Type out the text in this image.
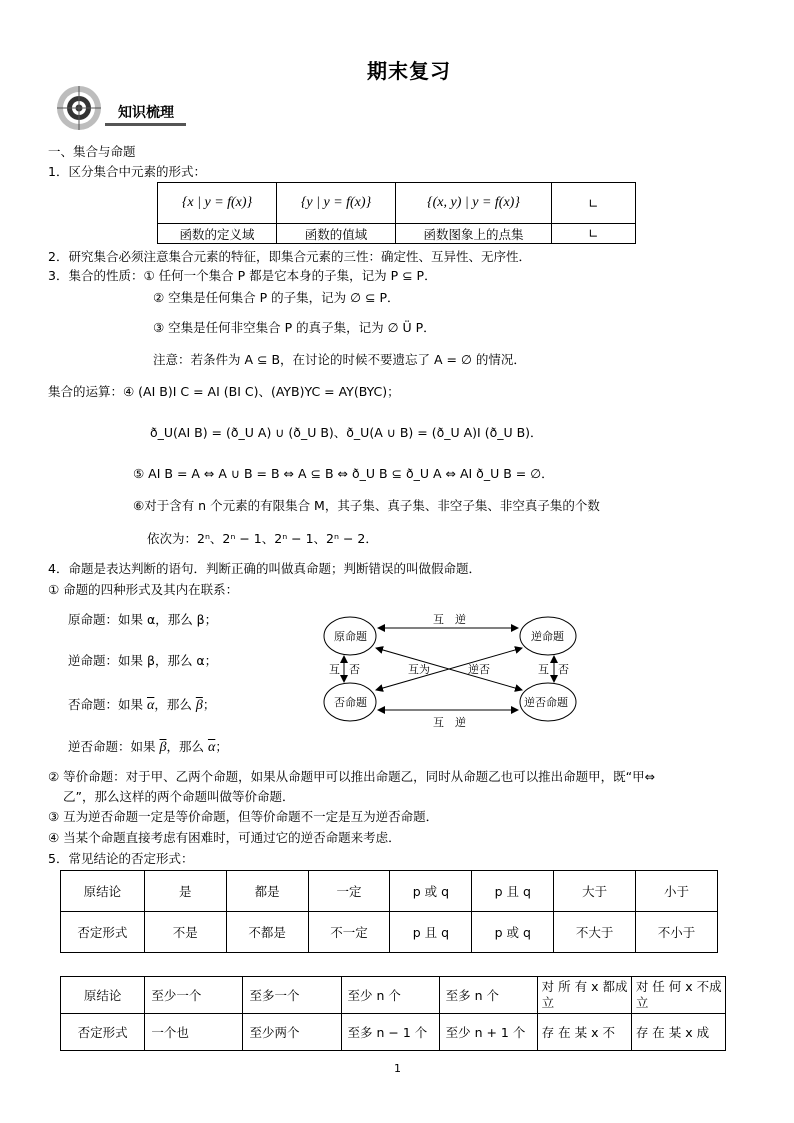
期末复习
知识梳理
一、集合与命题
1．区分集合中元素的形式：
{x | y = f(x)}	{y | y = f(x)}	{(x, y) | y = f(x)}	∟
函数的定义域	函数的值域	函数图象上的点集	∟
2．研究集合必须注意集合元素的特征，即集合元素的三性：确定性、互异性、无序性．
3．集合的性质：① 任何一个集合 P 都是它本身的子集，记为 P ⊆ P．
② 空集是任何集合 P 的子集，记为 ∅ ⊆ P．
③ 空集是任何非空集合 P 的真子集，记为 ∅ Ü P．
注意：若条件为 A ⊆ B，在讨论的时候不要遗忘了 A = ∅ 的情况．
集合的运算：④ (AI B)I C = AI (BI C)、(AYB)YC = AY(BYC)；
ð_U(AI B) = (ð_U A) ∪ (ð_U B)、ð_U(A ∪ B) = (ð_U A)I (ð_U B)．
⑤ AI B = A ⇔ A ∪ B = B ⇔ A ⊆ B ⇔ ð_U B ⊆ ð_U A ⇔ AI ð_U B = ∅．
⑥对于含有 n 个元素的有限集合 M，其子集、真子集、非空子集、非空真子集的个数
依次为：2ⁿ、2ⁿ − 1、2ⁿ − 1、2ⁿ − 2．
4．命题是表达判断的语句．判断正确的叫做真命题；判断错误的叫做假命题．
① 命题的四种形式及其内在联系：
原命题：如果 α，那么 β；
逆命题：如果 β，那么 α；
否命题：如果 $\overline{\alpha}$，那么 $\overline{\beta}$；
逆否命题：如果 $\overline{\beta}$，那么 $\overline{\alpha}$；
原命题	逆命题
否命题	逆否命题
互　逆
互　逆
互 否	互 否
互为	逆否
② 等价命题：对于甲、乙两个命题，如果从命题甲可以推出命题乙，同时从命题乙也可以推出命题甲，既“甲⇔
乙”，那么这样的两个命题叫做等价命题．
③ 互为逆否命题一定是等价命题，但等价命题不一定是互为逆否命题．
④ 当某个命题直接考虑有困难时，可通过它的逆否命题来考虑．
5．常见结论的否定形式：
原结论	是	都是	一定	p 或 q	p 且 q	大于	小于
否定形式	不是	不都是	不一定	p 且 q	p 或 q	不大于	不小于
原结论	至少一个	至多一个	至少 n 个	至多 n 个	对 所 有 x 都成立	对 任 何 x 不成立
否定形式	一个也	至少两个	至多 n − 1 个	至少 n + 1 个	存 在 某 x 不	存 在 某 x 成
1
